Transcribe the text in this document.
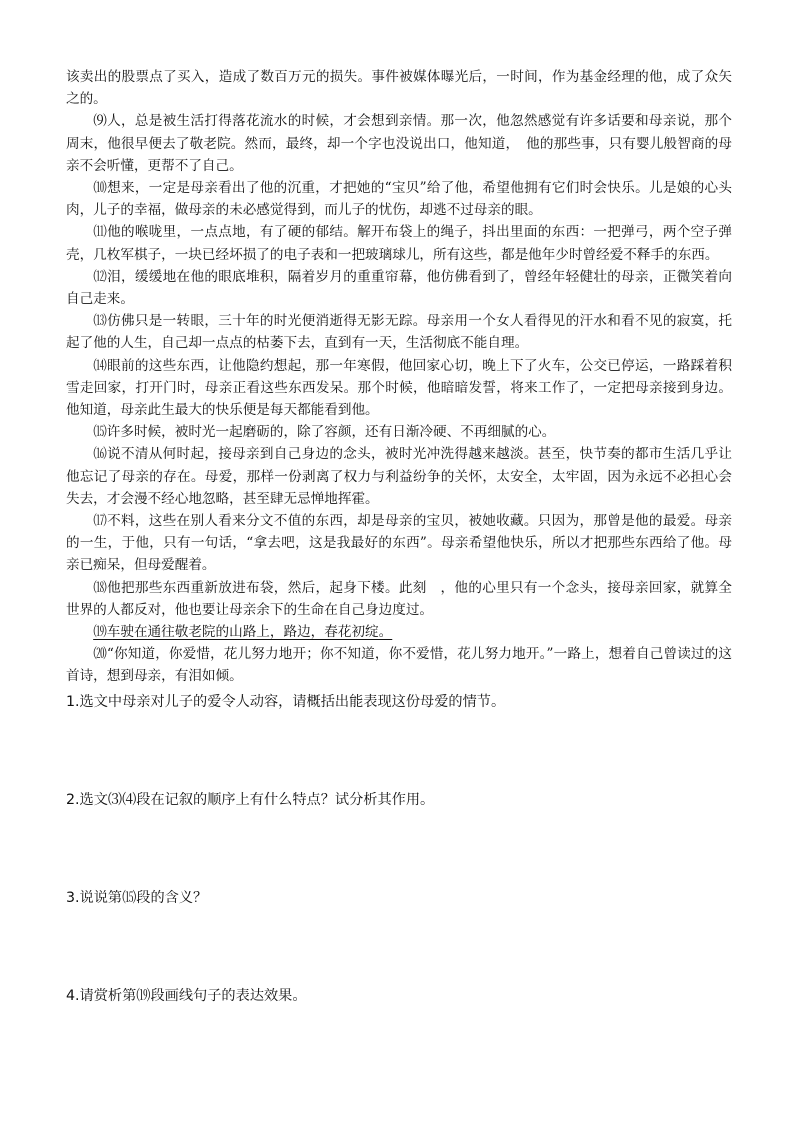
该卖出的股票点了买入，造成了数百万元的损失。事件被媒体曝光后，一时间，作为基金经理的他，成了众矢之的。

⑼人，总是被生活打得落花流水的时候，才会想到亲情。那一次，他忽然感觉有许多话要和母亲说，那个周末，他很早便去了敬老院。然而，最终，却一个字也没说出口，他知道，　他的那些事，只有婴儿般智商的母亲不会听懂，更帮不了自己。

⑽想来，一定是母亲看出了他的沉重，才把她的“宝贝”给了他，希望他拥有它们时会快乐。儿是娘的心头肉，儿子的幸福，做母亲的未必感觉得到，而儿子的忧伤，却逃不过母亲的眼。

⑾他的喉咙里，一点点地，有了硬的郁结。解开布袋上的绳子，抖出里面的东西：一把弹弓，两个空子弹壳，几枚军棋子，一块已经坏损了的电子表和一把玻璃球儿，所有这些，都是他年少时曾经爱不释手的东西。

⑿泪，缓缓地在他的眼底堆积，隔着岁月的重重帘幕，他仿佛看到了，曾经年轻健壮的母亲，正微笑着向自己走来。

⒀仿佛只是一转眼，三十年的时光便消逝得无影无踪。母亲用一个女人看得见的汗水和看不见的寂寞，托起了他的人生，自己却一点点的枯萎下去，直到有一天，生活彻底不能自理。

⒁眼前的这些东西，让他隐约想起，那一年寒假，他回家心切，晚上下了火车，公交已停运，一路踩着积雪走回家，打开门时，母亲正看这些东西发呆。那个时候，他暗暗发誓，将来工作了，一定把母亲接到身边。他知道，母亲此生最大的快乐便是每天都能看到他。

⒂许多时候，被时光一起磨砺的，除了容颜，还有日渐冷硬、不再细腻的心。

⒃说不清从何时起，接母亲到自己身边的念头，被时光冲洗得越来越淡。甚至，快节奏的都市生活几乎让他忘记了母亲的存在。母爱，那样一份剥离了权力与利益纷争的关怀，太安全，太牢固，因为永远不必担心会失去，才会漫不经心地忽略，甚至肆无忌惮地挥霍。

⒄不料，这些在别人看来分文不值的东西，却是母亲的宝贝，被她收藏。只因为，那曾是他的最爱。母亲的一生，于他，只有一句话，“拿去吧，这是我最好的东西”。母亲希望他快乐，所以才把那些东西给了他。母亲已痴呆，但母爱醒着。

⒅他把那些东西重新放进布袋，然后，起身下楼。此刻　，他的心里只有一个念头，接母亲回家，就算全世界的人都反对，他也要让母亲余下的生命在自己身边度过。

⒆车驶在通往敬老院的山路上，路边，春花初绽。

⒇“你知道，你爱惜，花儿努力地开；你不知道，你不爱惜，花儿努力地开。”一路上，想着自己曾读过的这首诗，想到母亲，有泪如倾。

1.选文中母亲对儿子的爱令人动容，请概括出能表现这份母爱的情节。

2.选文⑶⑷段在记叙的顺序上有什么特点？试分析其作用。

3.说说第⒂段的含义？

4.请赏析第⒆段画线句子的表达效果。
